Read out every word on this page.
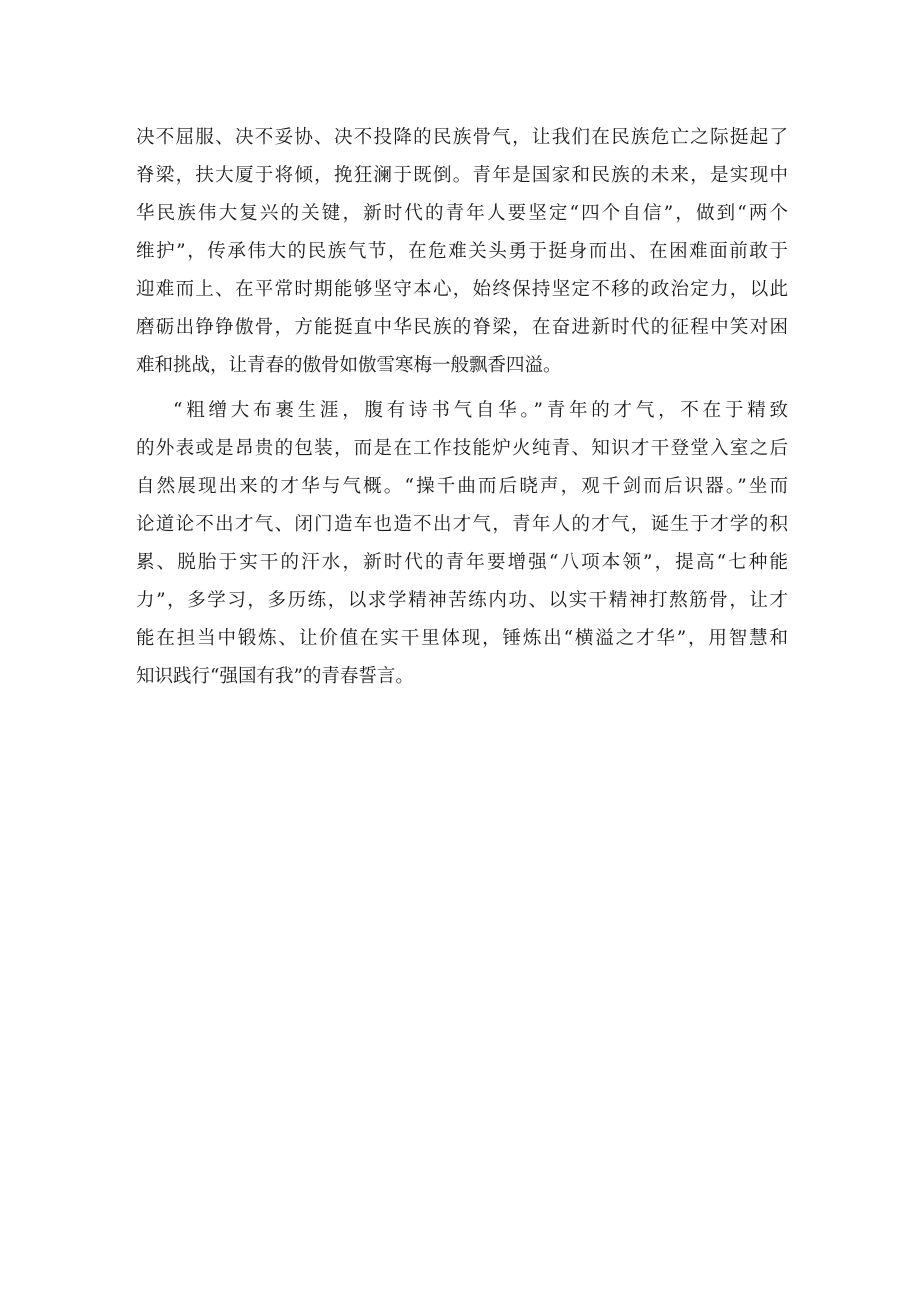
决不屈服、决不妥协、决不投降的民族骨气，让我们在民族危亡之际挺起了
脊梁，扶大厦于将倾，挽狂澜于既倒。青年是国家和民族的未来，是实现中
华民族伟大复兴的关键，新时代的青年人要坚定“四个自信”，做到“两个
维护”，传承伟大的民族气节，在危难关头勇于挺身而出、在困难面前敢于
迎难而上、在平常时期能够坚守本心，始终保持坚定不移的政治定力，以此
磨砺出铮铮傲骨，方能挺直中华民族的脊梁，在奋进新时代的征程中笑对困
难和挑战，让青春的傲骨如傲雪寒梅一般飘香四溢。
“粗缯大布裹生涯，腹有诗书气自华。”青年的才气，不在于精致
的外表或是昂贵的包装，而是在工作技能炉火纯青、知识才干登堂入室之后
自然展现出来的才华与气概。“操千曲而后晓声，观千剑而后识器。”坐而
论道论不出才气、闭门造车也造不出才气，青年人的才气，诞生于才学的积
累、脱胎于实干的汗水，新时代的青年要增强“八项本领”，提高“七种能
力”，多学习，多历练，以求学精神苦练内功、以实干精神打熬筋骨，让才
能在担当中锻炼、让价值在实干里体现，锤炼出“横溢之才华”，用智慧和
知识践行“强国有我”的青春誓言。
